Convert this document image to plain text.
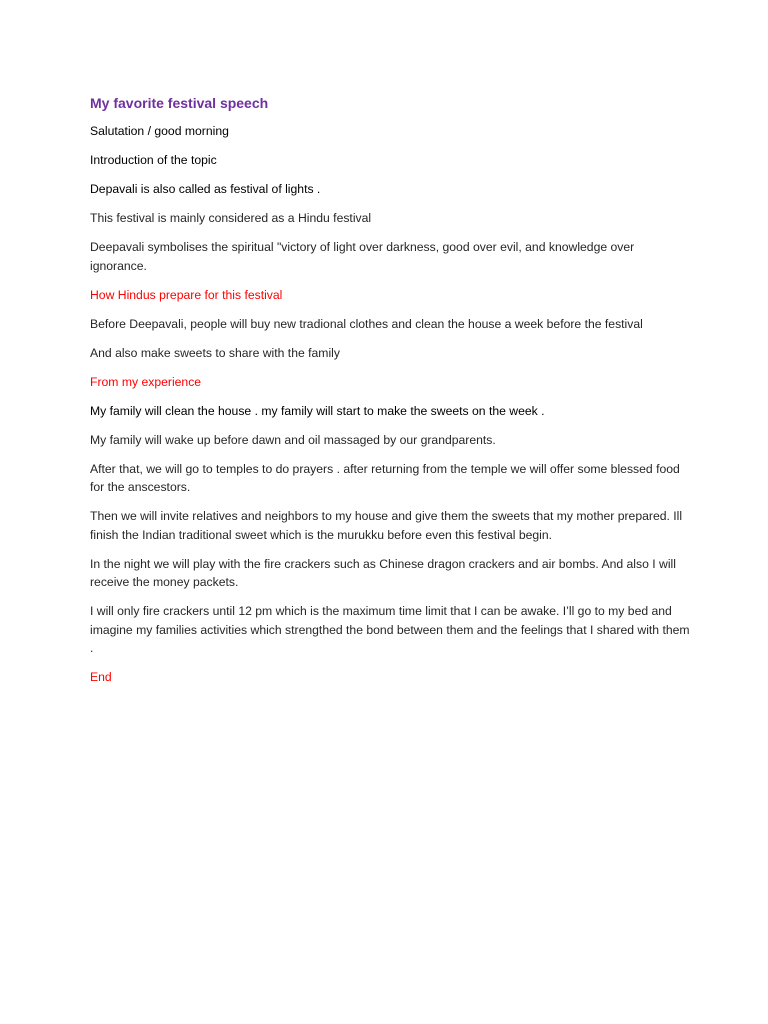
My favorite festival speech
Salutation / good morning
Introduction of the topic
Depavali is also called as festival of lights .
This festival is mainly considered as a Hindu festival
Deepavali symbolises the spiritual "victory of light over darkness, good over evil, and knowledge over ignorance.
How Hindus prepare for this festival
Before Deepavali, people will buy new tradional clothes and clean the house a week before the festival
And also make sweets to share with the family
From my experience
My family will clean the house . my family will start to make the sweets on the week .
My family will wake up before dawn and oil massaged by our grandparents.
After that, we will go to temples to do prayers . after returning from the temple we will offer some blessed food for the anscestors.
Then we will invite relatives and neighbors to my house and give them the sweets that my mother prepared. Ill finish the Indian traditional sweet which is the murukku before even this festival begin.
In the night we will play with the fire crackers such as Chinese dragon crackers and air bombs. And also I will receive the money packets.
I will only fire crackers until 12 pm which is the maximum time limit that I can be awake. I’ll go to my bed and imagine my families activities which strengthed the bond between them and the feelings that I shared with them .
End
